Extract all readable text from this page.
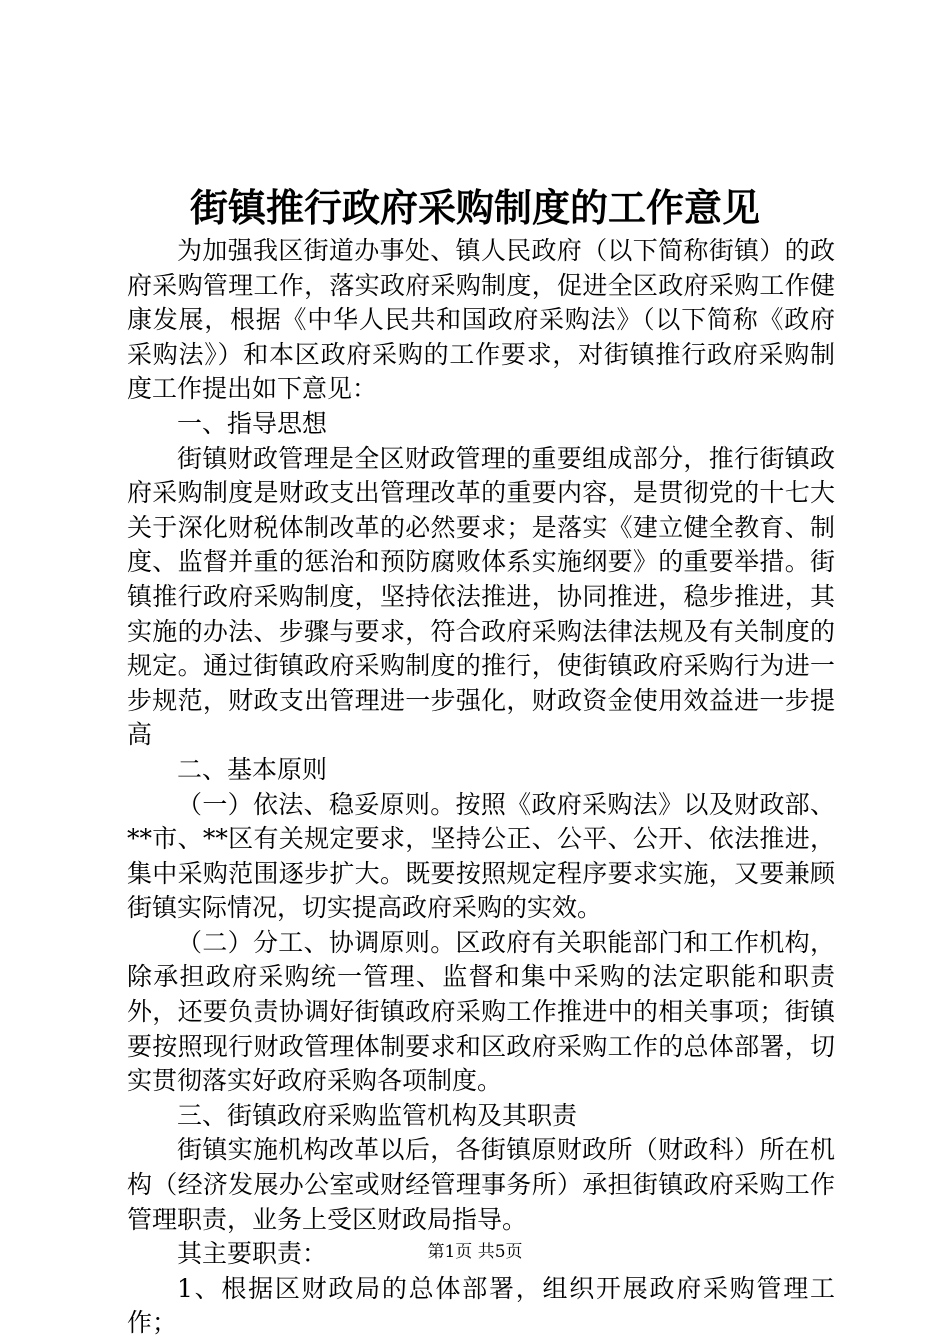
街镇推行政府采购制度的工作意见

为加强我区街道办事处、镇人民政府（以下简称街镇）的政府采购管理工作，落实政府采购制度，促进全区政府采购工作健康发展，根据《中华人民共和国政府采购法》（以下简称《政府采购法》）和本区政府采购的工作要求，对街镇推行政府采购制度工作提出如下意见：

一、指导思想

街镇财政管理是全区财政管理的重要组成部分，推行街镇政府采购制度是财政支出管理改革的重要内容，是贯彻党的十七大关于深化财税体制改革的必然要求；是落实《建立健全教育、制度、监督并重的惩治和预防腐败体系实施纲要》的重要举措。街镇推行政府采购制度，坚持依法推进，协同推进，稳步推进，其实施的办法、步骤与要求，符合政府采购法律法规及有关制度的规定。通过街镇政府采购制度的推行，使街镇政府采购行为进一步规范，财政支出管理进一步强化，财政资金使用效益进一步提高

二、基本原则

（一）依法、稳妥原则。按照《政府采购法》以及财政部、**市、**区有关规定要求，坚持公正、公平、公开、依法推进，集中采购范围逐步扩大。既要按照规定程序要求实施，又要兼顾街镇实际情况，切实提高政府采购的实效。

（二）分工、协调原则。区政府有关职能部门和工作机构，除承担政府采购统一管理、监督和集中采购的法定职能和职责外，还要负责协调好街镇政府采购工作推进中的相关事项；街镇要按照现行财政管理体制要求和区政府采购工作的总体部署，切实贯彻落实好政府采购各项制度。

三、街镇政府采购监管机构及其职责

街镇实施机构改革以后，各街镇原财政所（财政科）所在机构（经济发展办公室或财经管理事务所）承担街镇政府采购工作管理职责，业务上受区财政局指导。

其主要职责：

1、根据区财政局的总体部署，组织开展政府采购管理工作；

第1页 共5页
